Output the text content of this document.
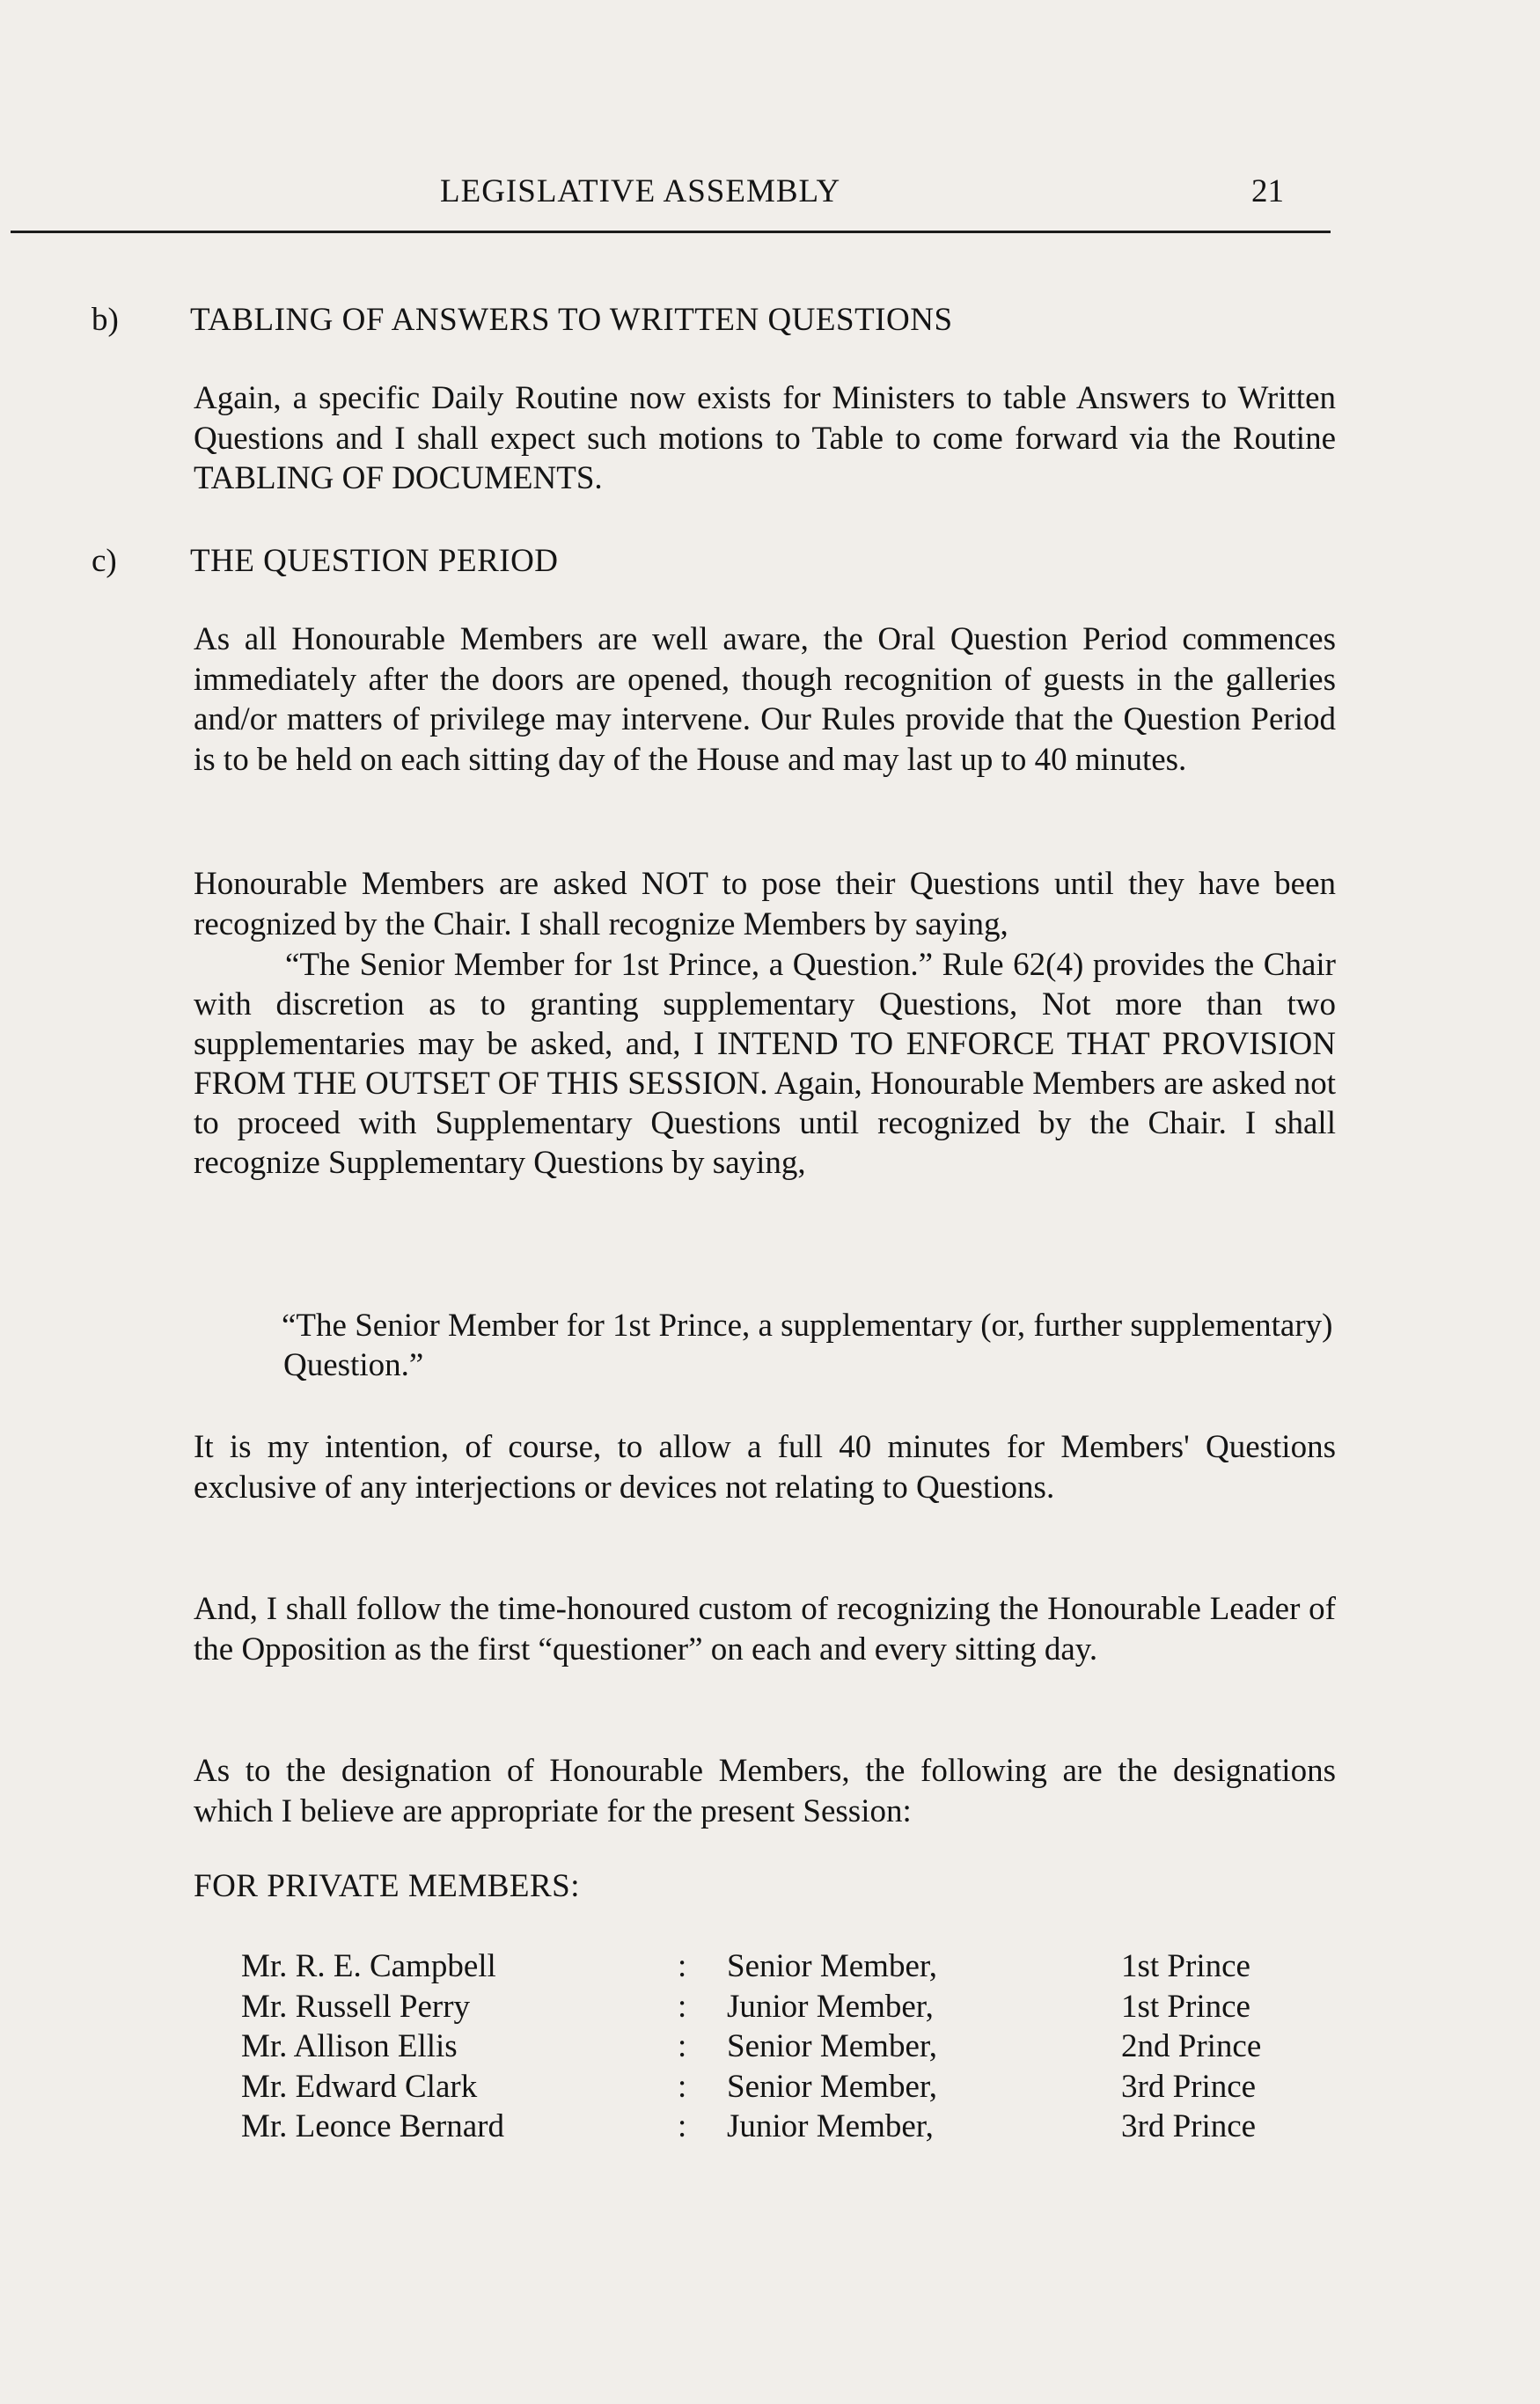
LEGISLATIVE ASSEMBLY	21
b) TABLING OF ANSWERS TO WRITTEN QUESTIONS

Again, a specific Daily Routine now exists for Ministers to table Answers to Written Questions and I shall expect such motions to Table to come forward via the Routine TABLING OF DOCUMENTS.

c) THE QUESTION PERIOD

As all Honourable Members are well aware, the Oral Question Period commences immediately after the doors are opened, though recognition of guests in the galleries and/or matters of privilege may intervene. Our Rules provide that the Question Period is to be held on each sitting day of the House and may last up to 40 minutes.

Honourable Members are asked NOT to pose their Questions until they have been recognized by the Chair. I shall recognize Members by saying,

“The Senior Member for 1st Prince, a Question.” Rule 62(4) provides the Chair with discretion as to granting supplementary Questions, Not more than two supplementaries may be asked, and, I INTEND TO ENFORCE THAT PROVISION FROM THE OUTSET OF THIS SESSION. Again, Honourable Members are asked not to proceed with Supplementary Questions until recognized by the Chair. I shall recognize Supplementary Questions by saying,

“The Senior Member for 1st Prince, a supplementary (or, further supplementary) Question.”

It is my intention, of course, to allow a full 40 minutes for Members' Questions exclusive of any interjections or devices not relating to Questions.

And, I shall follow the time-honoured custom of recognizing the Honourable Leader of the Opposition as the first “questioner” on each and every sitting day.

As to the designation of Honourable Members, the following are the designations which I believe are appropriate for the present Session:

FOR PRIVATE MEMBERS:
Mr. R. E. Campbell	:	Senior Member,	1st Prince
Mr. Russell Perry	:	Junior Member,	1st Prince
Mr. Allison Ellis	:	Senior Member,	2nd Prince
Mr. Edward Clark	:	Senior Member,	3rd Prince
Mr. Leonce Bernard	:	Junior Member,	3rd Prince
